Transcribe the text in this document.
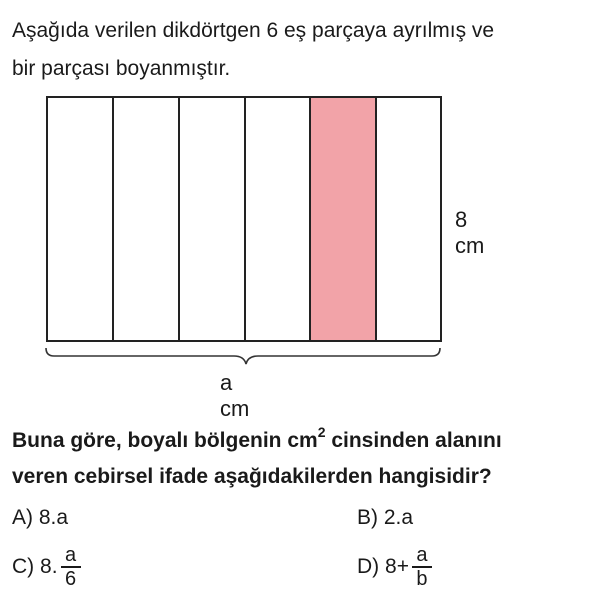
Aşağıda verilen dikdörtgen 6 eş parçaya ayrılmış ve
bir parçası boyanmıştır.

8 cm
a cm

Buna göre, boyalı bölgenin $cm^2$ cinsinden alanını
veren cebirsel ifade aşağıdakilerden hangisidir?

A)
8.a	B)
2.a
C)
8. $\frac{a}{6}$	D)
$8+ \frac{a}{b}$
